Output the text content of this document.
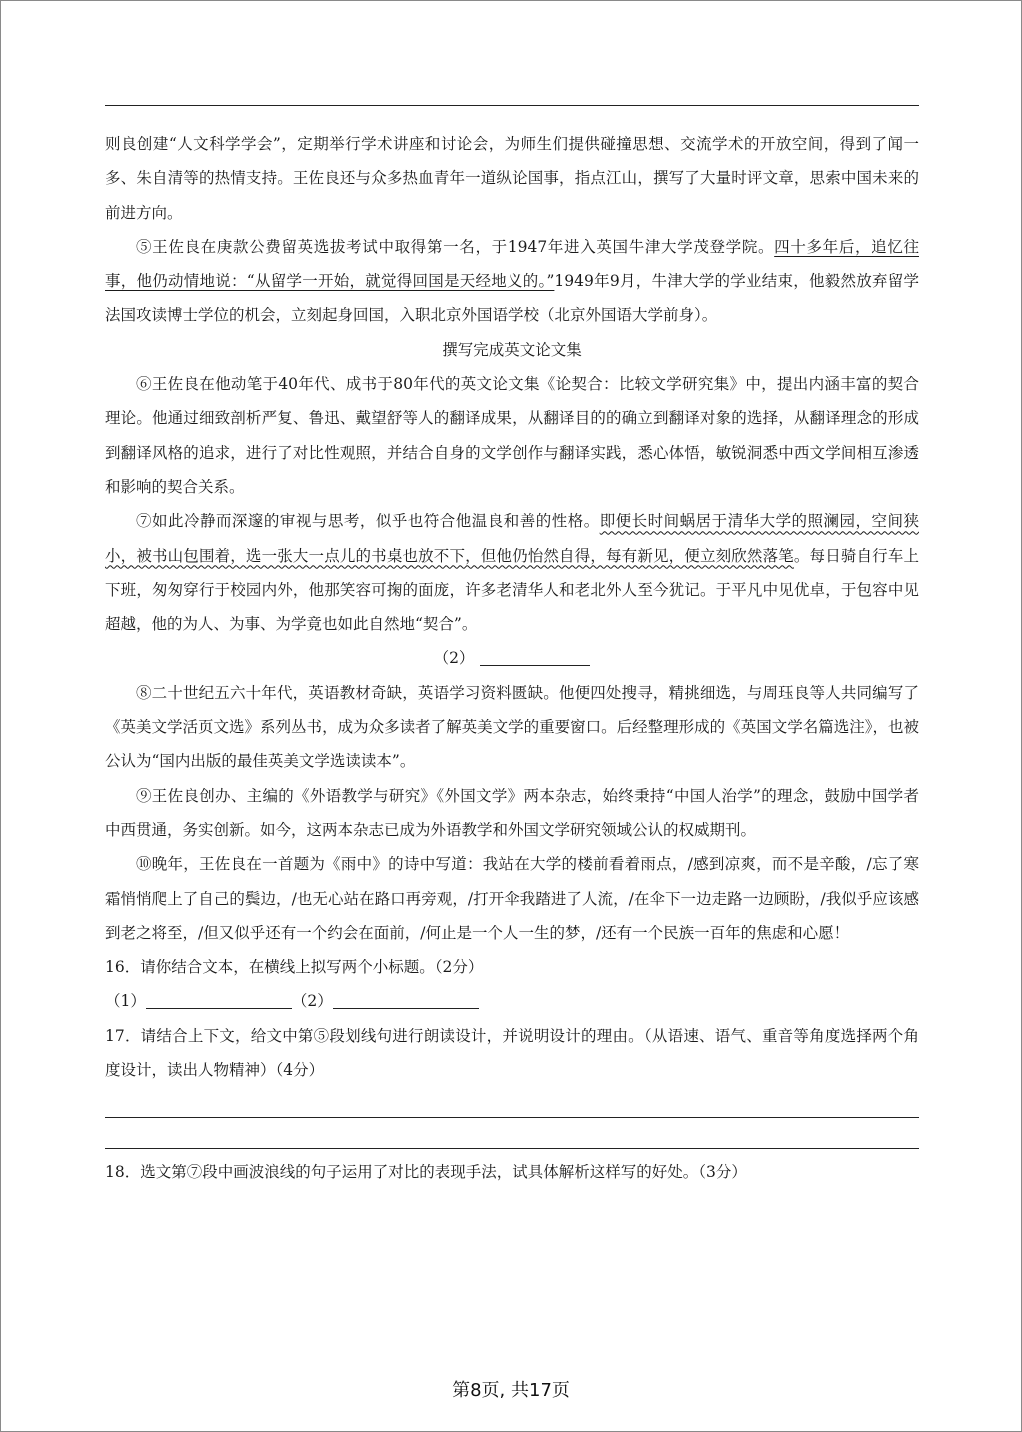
则良创建“人文科学学会”，定期举行学术讲座和讨论会，为师生们提供碰撞思想、交流学术的开放空间，得到了闻一多、朱自清等的热情支持。王佐良还与众多热血青年一道纵论国事，指点江山，撰写了大量时评文章，思索中国未来的前进方向。

⑤王佐良在庚款公费留英选拔考试中取得第一名，于1947年进入英国牛津大学茂登学院。四十多年后，追忆往事，他仍动情地说：“从留学一开始，就觉得回国是天经地义的。”1949年9月，牛津大学的学业结束，他毅然放弃留学法国攻读博士学位的机会，立刻起身回国，入职北京外国语学校（北京外国语大学前身）。

撰写完成英文论文集

⑥王佐良在他动笔于40年代、成书于80年代的英文论文集《论契合：比较文学研究集》中，提出内涵丰富的契合理论。他通过细致剖析严复、鲁迅、戴望舒等人的翻译成果，从翻译目的的确立到翻译对象的选择，从翻译理念的形成到翻译风格的追求，进行了对比性观照，并结合自身的文学创作与翻译实践，悉心体悟，敏锐洞悉中西文学间相互渗透和影响的契合关系。

⑦如此冷静而深邃的审视与思考，似乎也符合他温良和善的性格。即便长时间蜗居于清华大学的照澜园，空间狭小，被书山包围着，选一张大一点儿的书桌也放不下，但他仍怡然自得，每有新见，便立刻欣然落笔。每日骑自行车上下班，匆匆穿行于校园内外，他那笑容可掬的面庞，许多老清华人和老北外人至今犹记。于平凡中见优卓，于包容中见超越，他的为人、为事、为学竟也如此自然地“契合”。

（2）

⑧二十世纪五六十年代，英语教材奇缺，英语学习资料匮缺。他便四处搜寻，精挑细选，与周珏良等人共同编写了《英美文学活页文选》系列丛书，成为众多读者了解英美文学的重要窗口。后经整理形成的《英国文学名篇选注》，也被公认为“国内出版的最佳英美文学选读读本”。

⑨王佐良创办、主编的《外语教学与研究》《外国文学》两本杂志，始终秉持“中国人治学”的理念，鼓励中国学者中西贯通，务实创新。如今，这两本杂志已成为外语教学和外国文学研究领域公认的权威期刊。

⑩晚年，王佐良在一首题为《雨中》的诗中写道：我站在大学的楼前看着雨点，/感到凉爽，而不是辛酸，/忘了寒霜悄悄爬上了自己的鬓边，/也无心站在路口再旁观，/打开伞我踏进了人流，/在伞下一边走路一边顾盼，/我似乎应该感到老之将至，/但又似乎还有一个约会在面前，/何止是一个人一生的梦，/还有一个民族一百年的焦虑和心愿！

16．请你结合文本，在横线上拟写两个小标题。（2分）

（1）	（2）

17．请结合上下文，给文中第⑤段划线句进行朗读设计，并说明设计的理由。（从语速、语气、重音等角度选择两个角度设计，读出人物精神）（4分）

18．选文第⑦段中画波浪线的句子运用了对比的表现手法，试具体解析这样写的好处。（3分）

第8页, 共17页
